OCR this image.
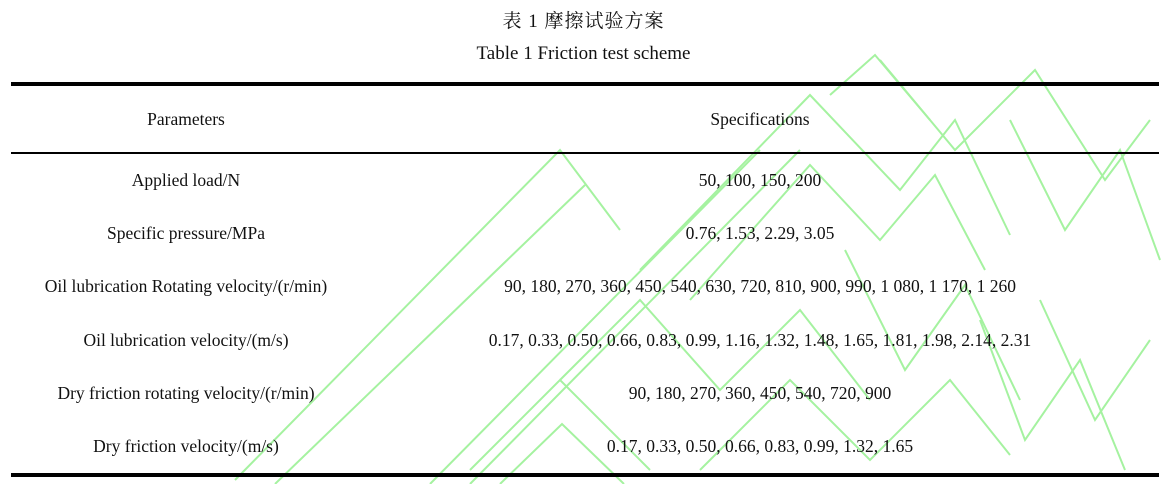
表 1 摩擦试验方案
Table 1 Friction test scheme
Parameters	Specifications
Applied load/N	50, 100, 150, 200
Specific pressure/MPa	0.76, 1.53, 2.29, 3.05
Oil lubrication Rotating velocity/(r/min)	90, 180, 270, 360, 450, 540, 630, 720, 810, 900, 990, 1 080, 1 170, 1 260
Oil lubrication velocity/(m/s)	0.17, 0.33, 0.50, 0.66, 0.83, 0.99, 1.16, 1.32, 1.48, 1.65, 1.81, 1.98, 2.14, 2.31
Dry friction rotating velocity/(r/min)	90, 180, 270, 360, 450, 540, 720, 900
Dry friction velocity/(m/s)	0.17, 0.33, 0.50, 0.66, 0.83, 0.99, 1.32, 1.65
